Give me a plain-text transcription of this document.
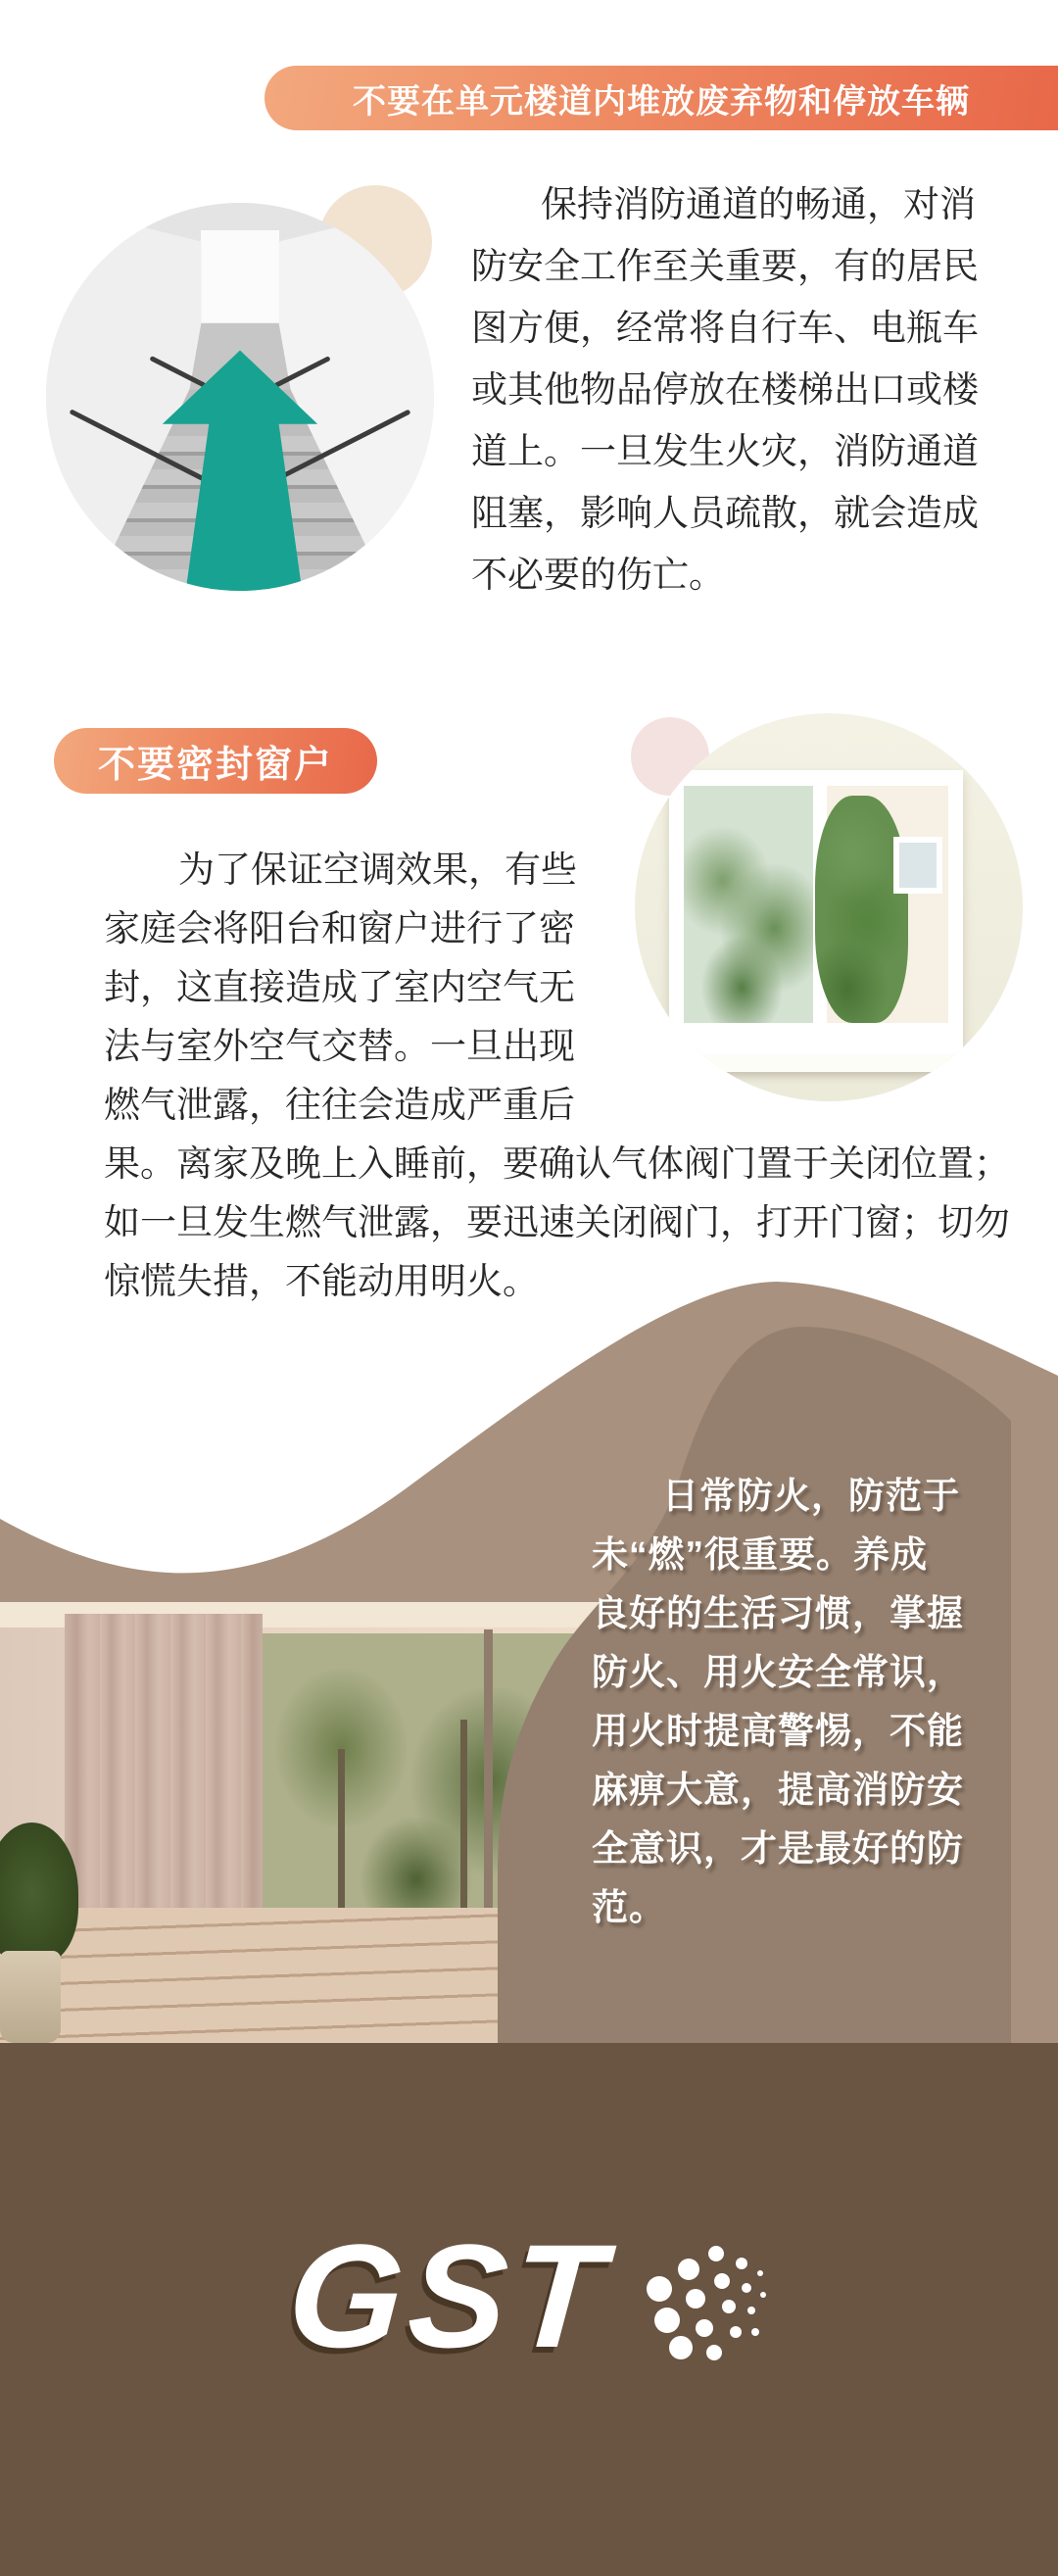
不要在单元楼道内堆放废弃物和停放车辆
保持消防通道的畅通，对消
防安全工作至关重要，有的居民
图方便，经常将自行车、电瓶车
或其他物品停放在楼梯出口或楼
道上。一旦发生火灾，消防通道
阻塞，影响人员疏散，就会造成
不必要的伤亡。
不要密封窗户
为了保证空调效果，有些
家庭会将阳台和窗户进行了密
封，这直接造成了室内空气无
法与室外空气交替。一旦出现
燃气泄露，往往会造成严重后
果。离家及晚上入睡前，要确认气体阀门置于关闭位置；
如一旦发生燃气泄露，要迅速关闭阀门，打开门窗；切勿
惊慌失措，不能动用明火。
日常防火，防范于
未“燃”很重要。养成
良好的生活习惯，掌握
防火、用火安全常识，
用火时提高警惕，不能
麻痹大意，提高消防安
全意识，才是最好的防
范。
GST
